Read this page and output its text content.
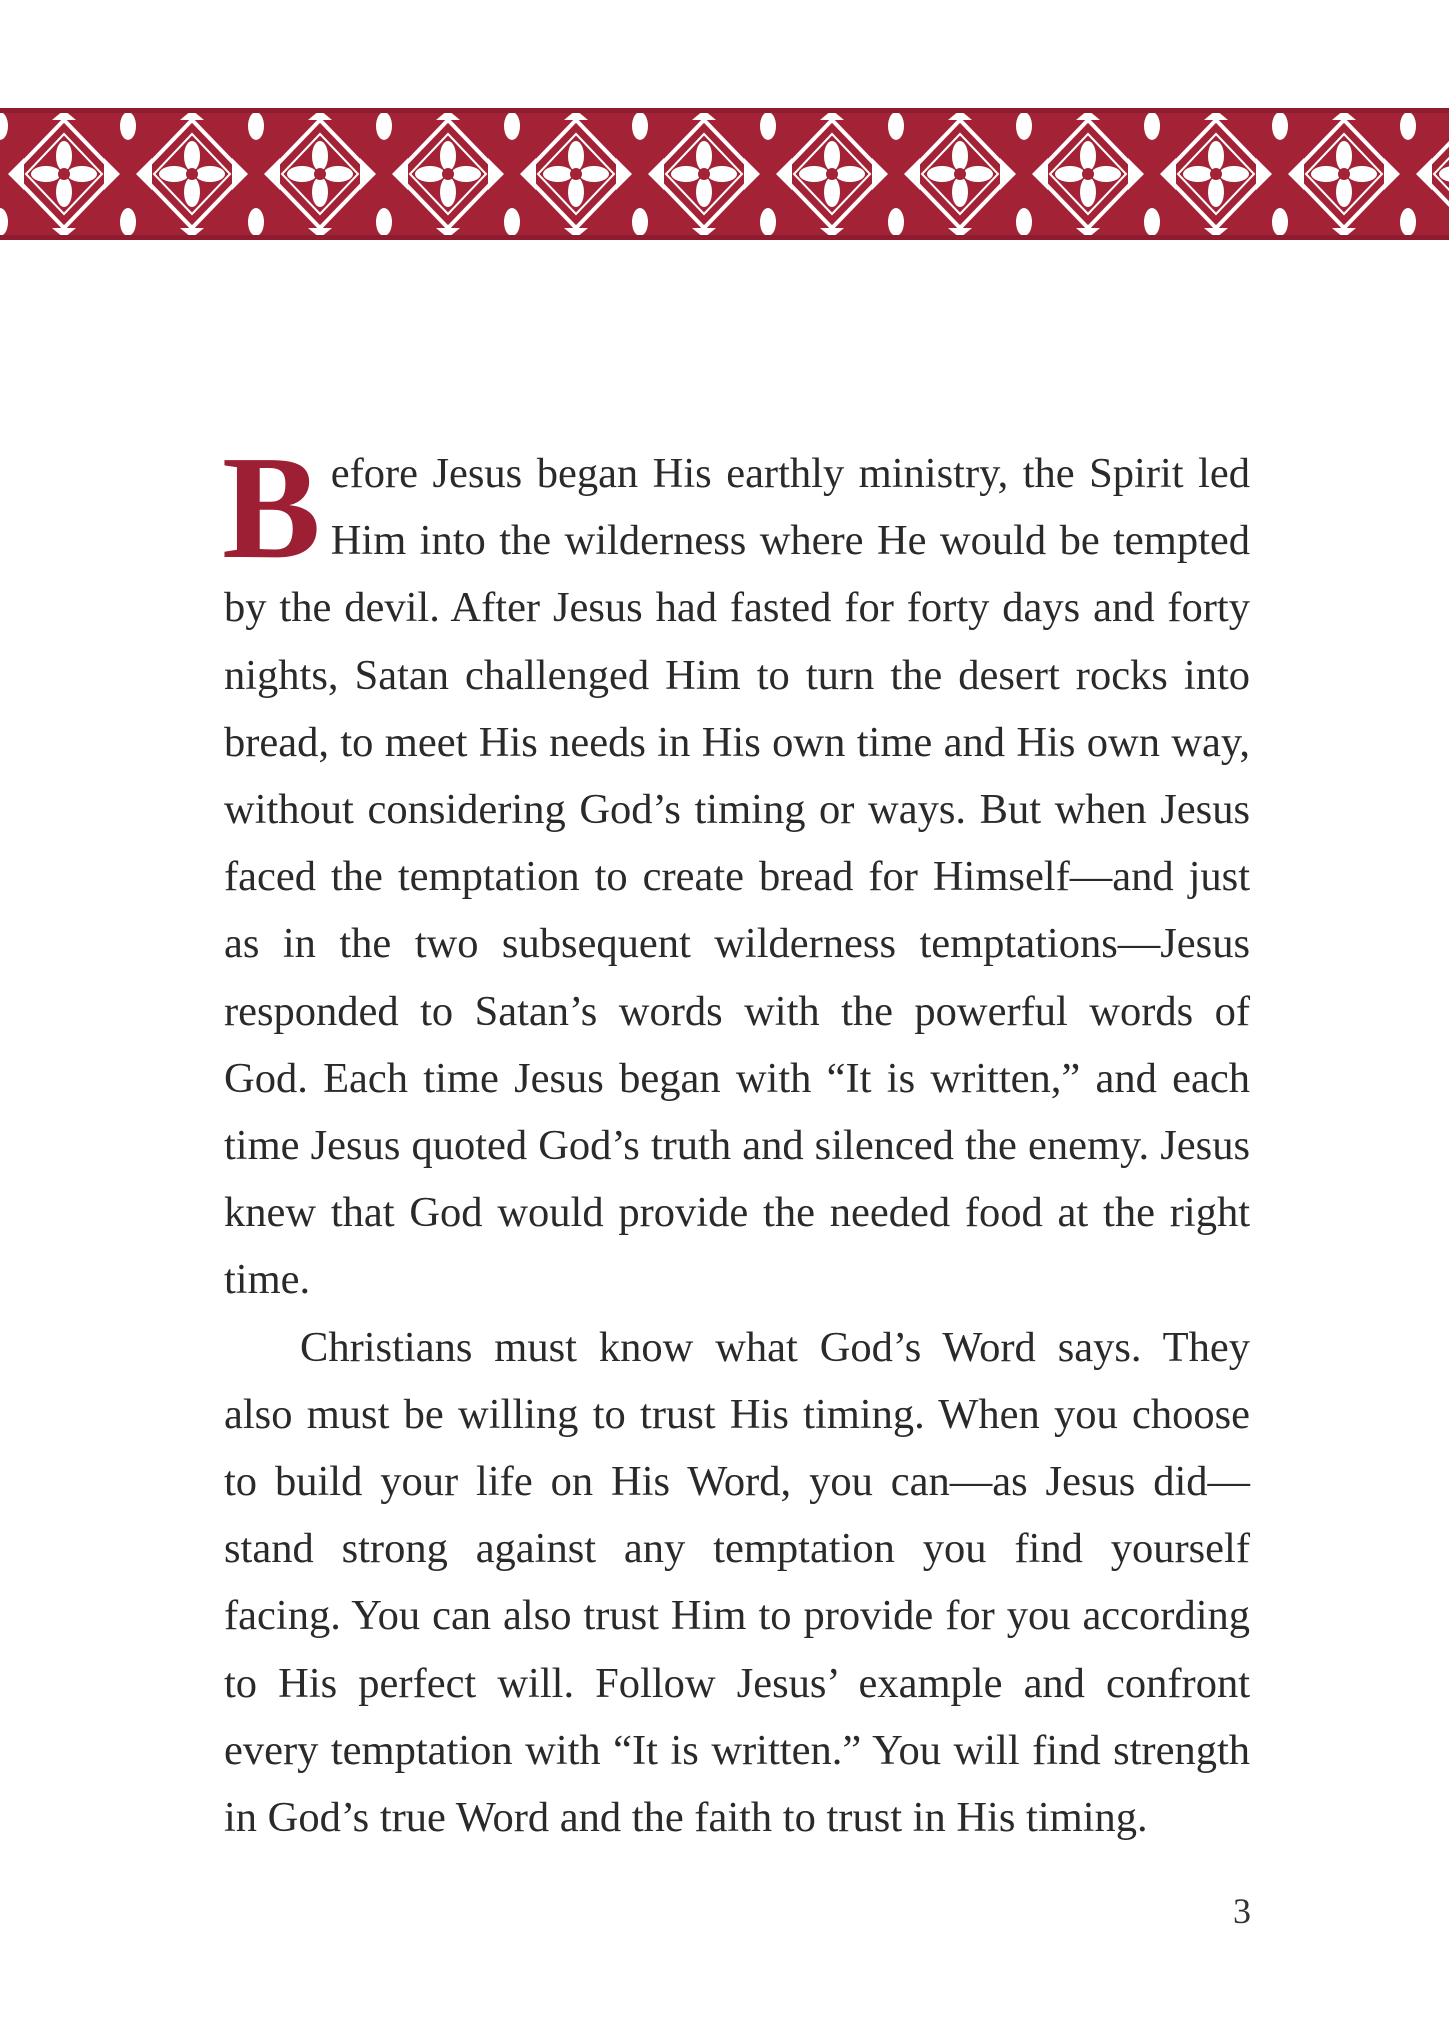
Before Jesus began His earthly ministry, the Spirit led Him into the wilderness where He would be tempted by the devil. After Jesus had fasted for forty days and forty nights, Satan challenged Him to turn the desert rocks into bread, to meet His needs in His own time and His own way, without considering God’s timing or ways. But when Jesus faced the temptation to create bread for Himself—and just as in the two subsequent wilderness temptations—Jesus responded to Satan’s words with the powerful words of God. Each time Jesus began with “It is written,” and each time Jesus quoted God’s truth and silenced the enemy. Jesus knew that God would provide the needed food at the right time.

Christians must know what God’s Word says. They also must be willing to trust His timing. When you choose to build your life on His Word, you can—as Jesus did—stand strong against any temptation you find yourself facing. You can also trust Him to provide for you according to His perfect will. Follow Jesus’ example and confront every temptation with “It is written.” You will find strength in God’s true Word and the faith to trust in His timing.

3
